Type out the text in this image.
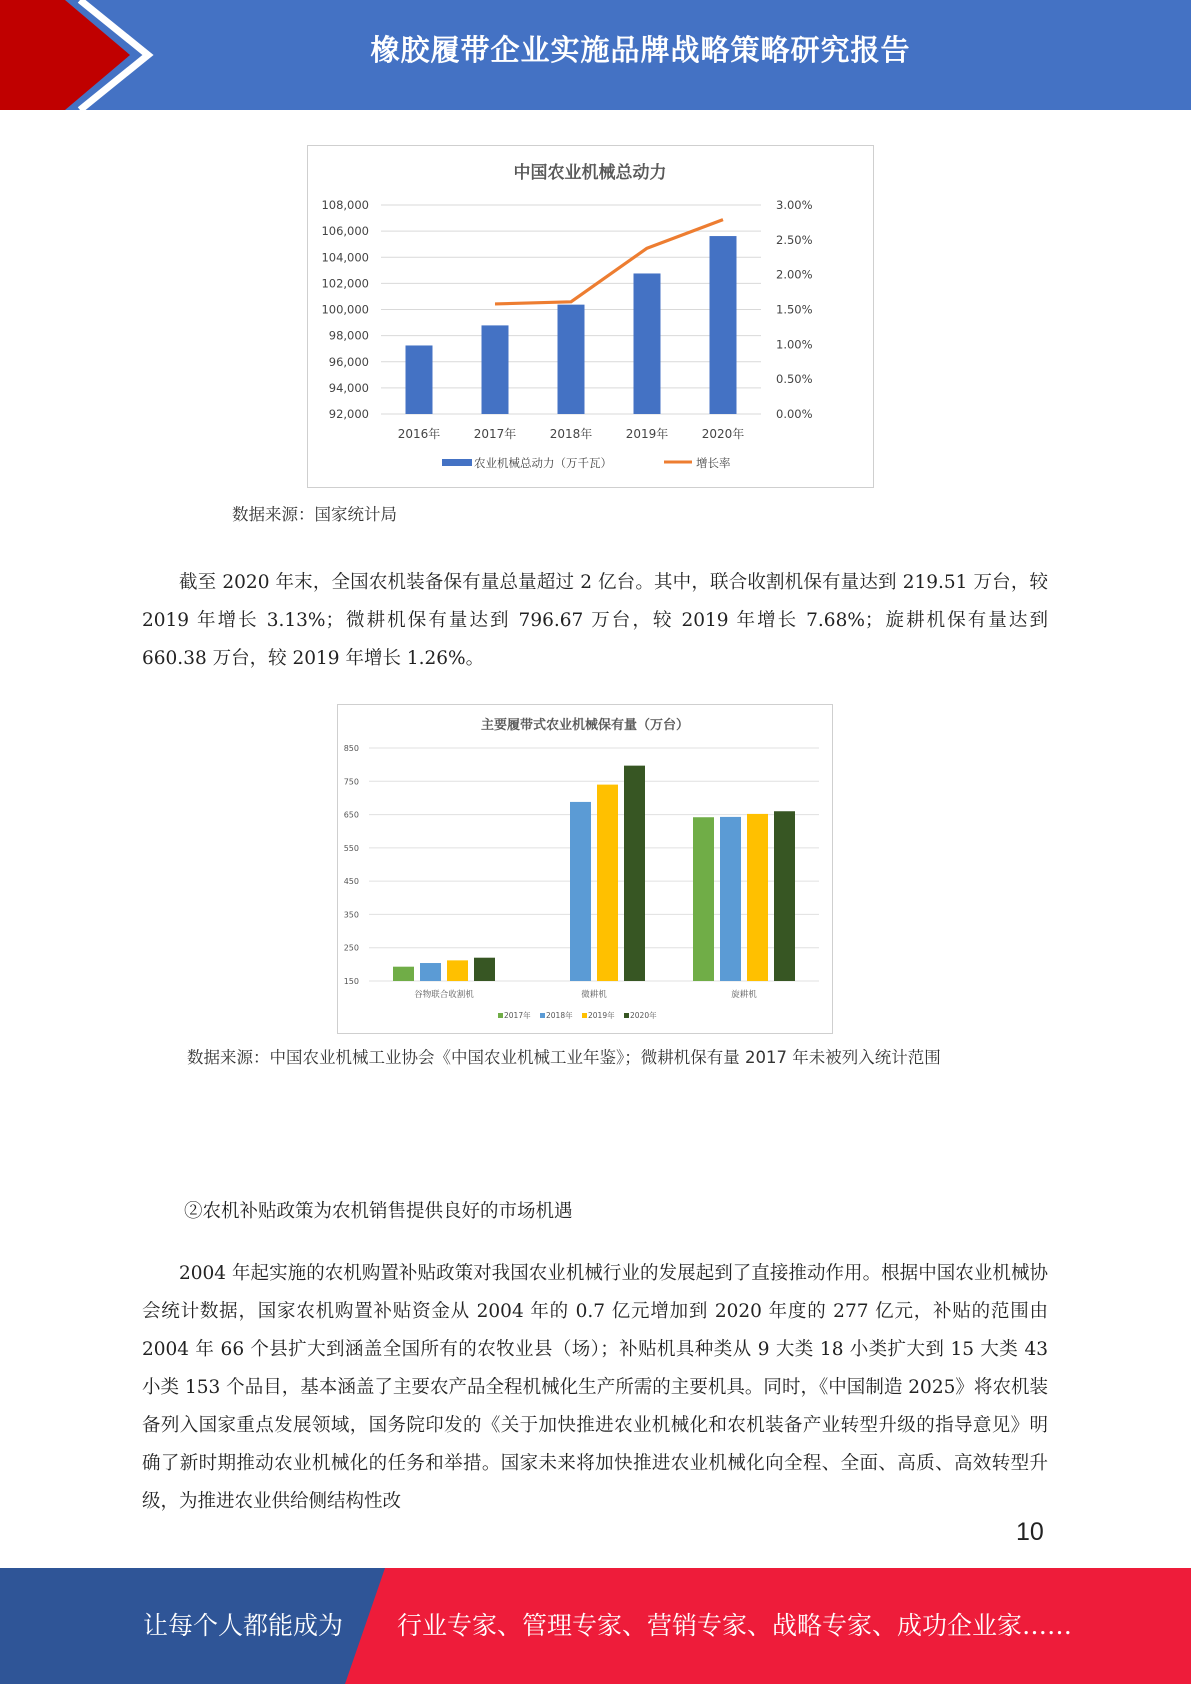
橡胶履带企业实施品牌战略策略研究报告
中国农业机械总动力
108,000
106,000
104,000
102,000
100,000
98,000
96,000
94,000
92,000
3.00%
2.50%
2.00%
1.50%
1.00%
0.50%
0.00%
2016年	2017年	2018年	2019年	2020年
农业机械总动力（万千瓦）	增长率
数据来源：国家统计局

截至 2020 年末，全国农机装备保有量总量超过 2 亿台。其中，联合收割机保有量达到 219.51 万台，较 2019 年增长 3.13%；微耕机保有量达到 796.67 万台，较 2019 年增长 7.68%；旋耕机保有量达到 660.38 万台，较 2019 年增长 1.26%。

主要履带式农业机械保有量（万台）
850
750
650
550
450
350
250
150
谷物联合收割机	微耕机	旋耕机
2017年 2018年 2019年 2020年
数据来源：中国农业机械工业协会《中国农业机械工业年鉴》；微耕机保有量 2017 年未被列入统计范围

②农机补贴政策为农机销售提供良好的市场机遇

2004 年起实施的农机购置补贴政策对我国农业机械行业的发展起到了直接推动作用。根据中国农业机械协会统计数据，国家农机购置补贴资金从 2004 年的 0.7 亿元增加到 2020 年度的 277 亿元，补贴的范围由 2004 年 66 个县扩大到涵盖全国所有的农牧业县（场）；补贴机具种类从 9 大类 18 小类扩大到 15 大类 43 小类 153 个品目，基本涵盖了主要农产品全程机械化生产所需的主要机具。同时，《中国制造 2025》将农机装备列入国家重点发展领域，国务院印发的《关于加快推进农业机械化和农机装备产业转型升级的指导意见》明确了新时期推动农业机械化的任务和举措。国家未来将加快推进农业机械化向全程、全面、高质、高效转型升级，为推进农业供给侧结构性改

10
让每个人都能成为 行业专家、管理专家、营销专家、战略专家、成功企业家……
